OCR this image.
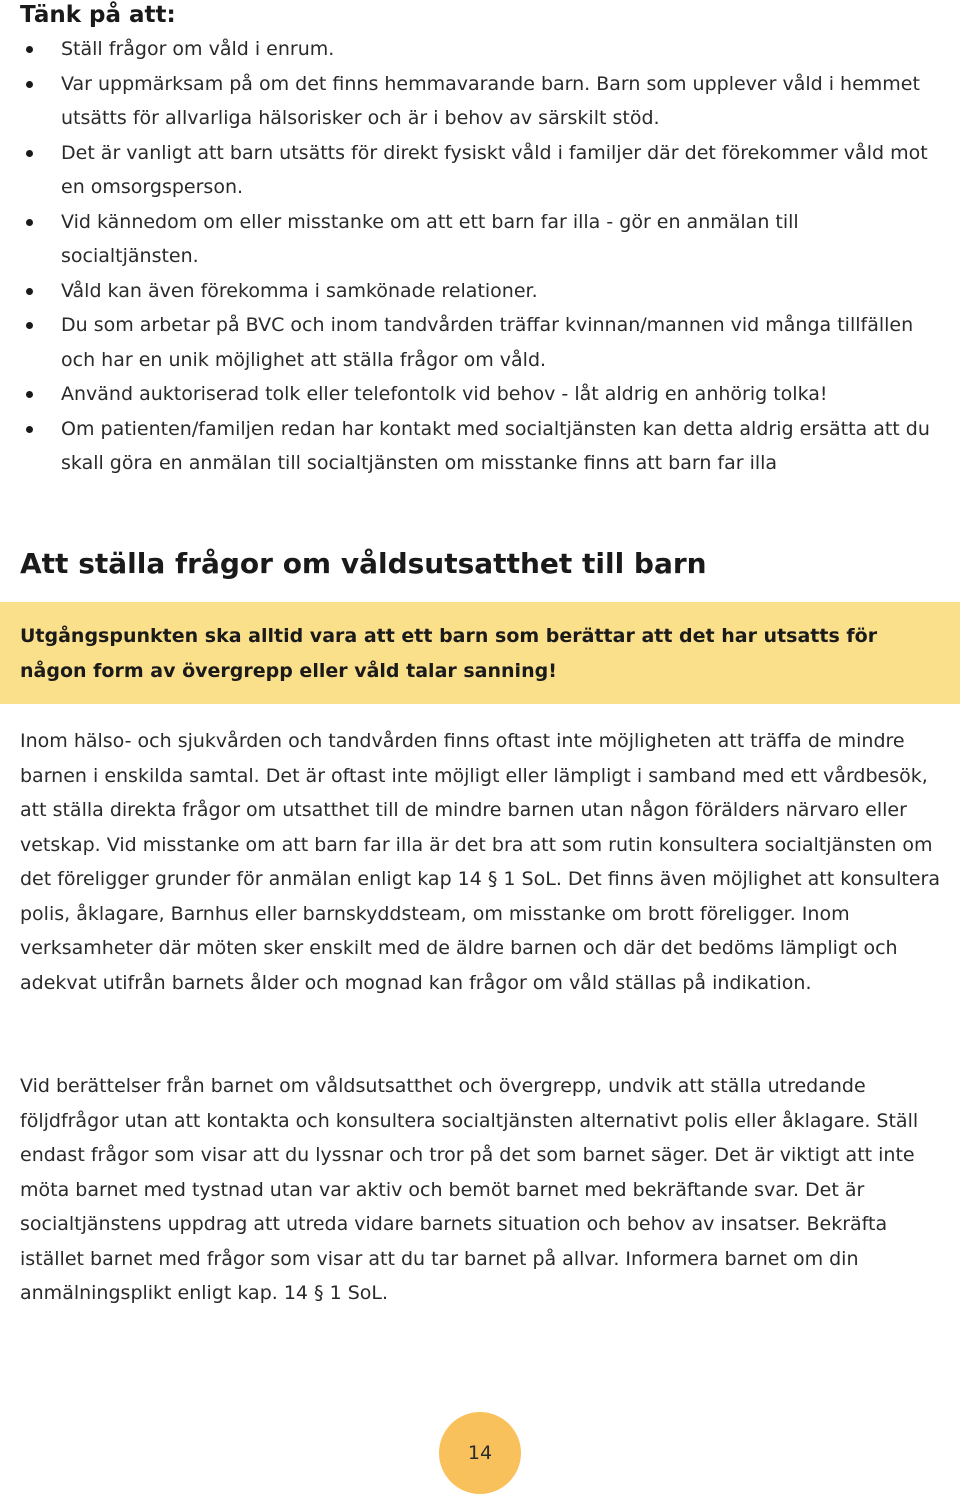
Tänk på att:
Ställ frågor om våld i enrum.
Var uppmärksam på om det finns hemmavarande barn. Barn som upplever våld i hemmet utsätts för allvarliga hälsorisker och är i behov av särskilt stöd.
Det är vanligt att barn utsätts för direkt fysiskt våld i familjer där det förekommer våld mot en omsorgsperson.
Vid kännedom om eller misstanke om att ett barn far illa - gör en anmälan till socialtjänsten.
Våld kan även förekomma i samkönade relationer.
Du som arbetar på BVC och inom tandvården träffar kvinnan/mannen vid många tillfällen och har en unik möjlighet att ställa frågor om våld.
Använd auktoriserad tolk eller telefontolk vid behov - låt aldrig en anhörig tolka!
Om patienten/familjen redan har kontakt med socialtjänsten kan detta aldrig ersätta att du skall göra en anmälan till socialtjänsten om misstanke finns att barn far illa
Att ställa frågor om våldsutsatthet till barn

Utgångspunkten ska alltid vara att ett barn som berättar att det har utsatts för någon form av övergrepp eller våld talar sanning!

Inom hälso- och sjukvården och tandvården finns oftast inte möjligheten att träffa de mindre barnen i enskilda samtal. Det är oftast inte möjligt eller lämpligt i samband med ett vårdbesök, att ställa direkta frågor om utsatthet till de mindre barnen utan någon förälders närvaro eller vetskap. Vid misstanke om att barn far illa är det bra att som rutin konsultera socialtjänsten om det föreligger grunder för anmälan enligt kap 14 § 1 SoL. Det finns även möjlighet att konsultera polis, åklagare, Barnhus eller barnskyddsteam, om misstanke om brott föreligger. Inom verksamheter där möten sker enskilt med de äldre barnen och där det bedöms lämpligt och adekvat utifrån barnets ålder och mognad kan frågor om våld ställas på indikation.

Vid berättelser från barnet om våldsutsatthet och övergrepp, undvik att ställa utredande följdfrågor utan att kontakta och konsultera socialtjänsten alternativt polis eller åklagare. Ställ endast frågor som visar att du lyssnar och tror på det som barnet säger. Det är viktigt att inte möta barnet med tystnad utan var aktiv och bemöt barnet med bekräftande svar. Det är socialtjänstens uppdrag att utreda vidare barnets situation och behov av insatser. Bekräfta istället barnet med frågor som visar att du tar barnet på allvar. Informera barnet om din anmälningsplikt enligt kap. 14 § 1 SoL.

14
